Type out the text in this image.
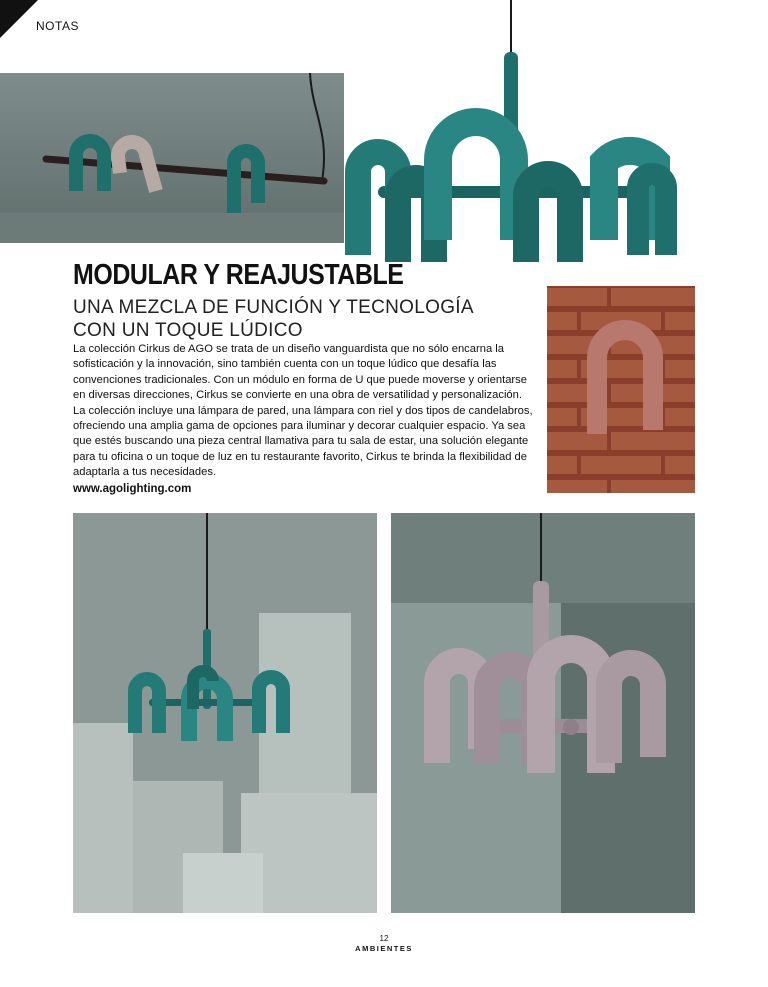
NOTAS
MODULAR Y REAJUSTABLE
UNA MEZCLA DE FUNCIÓN Y TECNOLOGÍA
CON UN TOQUE LÚDICO

La colección Cirkus de AGO se trata de un diseño vanguardista que no sólo encarna la sofisticación y la innovación, sino también cuenta con un toque lúdico que desafía las convenciones tradicionales. Con un módulo en forma de U que puede moverse y orientarse en diversas direcciones, Cirkus se convierte en una obra de versatilidad y personalización.

La colección incluye una lámpara de pared, una lámpara con riel y dos tipos de candelabros, ofreciendo una amplia gama de opciones para iluminar y decorar cualquier espacio. Ya sea que estés buscando una pieza central llamativa para tu sala de estar, una solución elegante para tu oficina o un toque de luz en tu restaurante favorito, Cirkus te brinda la flexibilidad de adaptarla a tus necesidades.

www.agolighting.com
12
AMBIENTES
